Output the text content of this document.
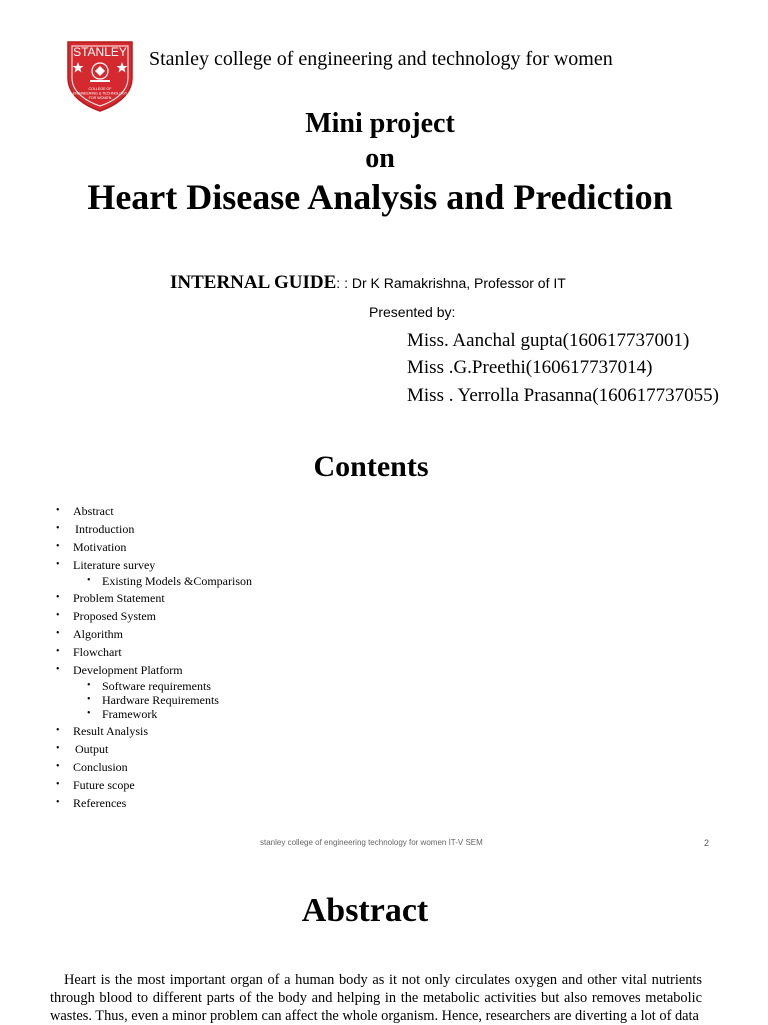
STANLEY
COLLEGE OF
ENGINEERING & TECHNOLOGY
FOR WOMEN
Stanley college of engineering and technology for women
Mini project
on
Heart Disease Analysis and Prediction
INTERNAL GUIDE: : Dr K Ramakrishna, Professor of IT
Presented by:
Miss. Aanchal gupta(160617737001)
Miss .G.Preethi(160617737014)
Miss . Yerrolla Prasanna(160617737055)
Contents
• Abstract
• Introduction
• Motivation
• Literature survey
• Existing Models &Comparison
• Problem Statement
• Proposed System
• Algorithm
• Flowchart
• Development Platform
• Software requirements
• Hardware Requirements
• Framework
• Result Analysis
• Output
• Conclusion
• Future scope
• References
stanley college of engineering technology for women IT-V SEM	2
Abstract
Heart is the most important organ of a human body as it not only circulates oxygen and other vital nutrients through blood to different parts of the body and helping in the metabolic activities but also removes metabolic wastes. Thus, even a minor problem can affect the whole organism. Hence, researchers are diverting a lot of data
